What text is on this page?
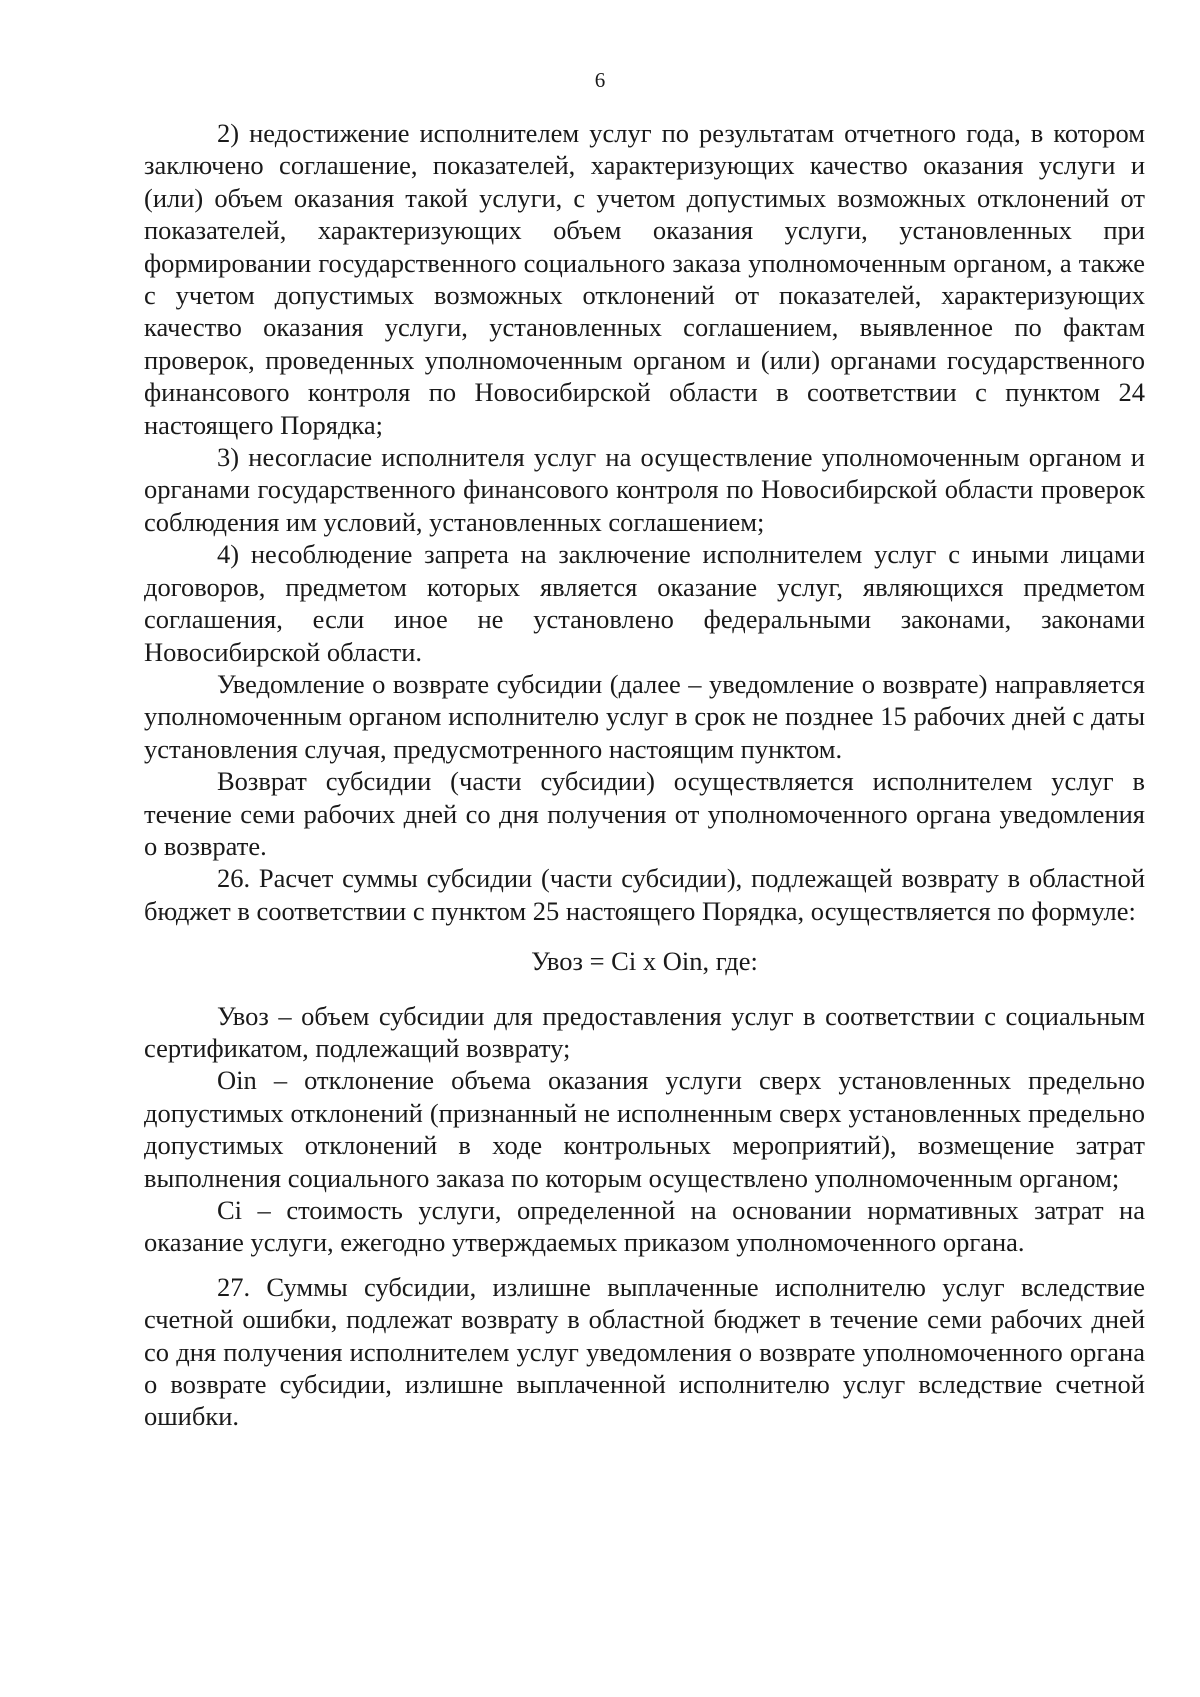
6

2) недостижение исполнителем услуг по результатам отчетного года, в котором заключено соглашение, показателей, характеризующих качество оказания услуги и (или) объем оказания такой услуги, с учетом допустимых возможных отклонений от показателей, характеризующих объем оказания услуги, установленных при формировании государственного социального заказа уполномоченным органом, а также с учетом допустимых возможных отклонений от показателей, характеризующих качество оказания услуги, установленных соглашением, выявленное по фактам проверок, проведенных уполномоченным органом и (или) органами государственного финансового контроля по Новосибирской области в соответствии с пунктом 24 настоящего Порядка;

3) несогласие исполнителя услуг на осуществление уполномоченным органом и органами государственного финансового контроля по Новосибирской области проверок соблюдения им условий, установленных соглашением;

4) несоблюдение запрета на заключение исполнителем услуг с иными лицами договоров, предметом которых является оказание услуг, являющихся предметом соглашения, если иное не установлено федеральными законами, законами Новосибирской области.

Уведомление о возврате субсидии (далее – уведомление о возврате) направляется уполномоченным органом исполнителю услуг в срок не позднее 15 рабочих дней с даты установления случая, предусмотренного настоящим пунктом.

Возврат субсидии (части субсидии) осуществляется исполнителем услуг в течение семи рабочих дней со дня получения от уполномоченного органа уведомления о возврате.

26. Расчет суммы субсидии (части субсидии), подлежащей возврату в областной бюджет в соответствии с пунктом 25 настоящего Порядка, осуществляется по формуле:

Увоз = Ci x Oin, где:

Увоз – объем субсидии для предоставления услуг в соответствии с социальным сертификатом, подлежащий возврату;

Oin – отклонение объема оказания услуги сверх установленных предельно допустимых отклонений (признанный не исполненным сверх установленных предельно допустимых отклонений в ходе контрольных мероприятий), возмещение затрат выполнения социального заказа по которым осуществлено уполномоченным органом;

Ci – стоимость услуги, определенной на основании нормативных затрат на оказание услуги, ежегодно утверждаемых приказом уполномоченного органа.

27. Суммы субсидии, излишне выплаченные исполнителю услуг вследствие счетной ошибки, подлежат возврату в областной бюджет в течение семи рабочих дней со дня получения исполнителем услуг уведомления о возврате уполномоченного органа о возврате субсидии, излишне выплаченной исполнителю услуг вследствие счетной ошибки.
